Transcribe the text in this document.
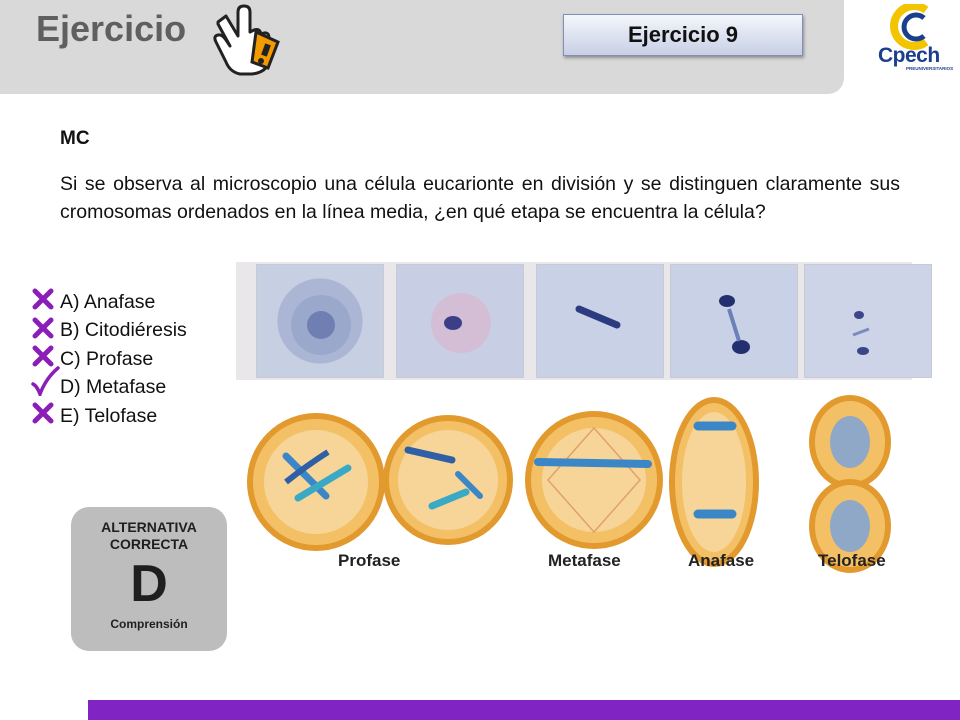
Ejercicio	Ejercicio 9
Cpech
PREUNIVERSITARIOS
MC
Si se observa al microscopio una célula eucarionte en división y se distinguen claramente sus cromosomas ordenados en la línea media, ¿en qué etapa se encuentra la célula?
A) Anafase
B) Citodiéresis
C) Profase
D) Metafase
E) Telofase
ALTERNATIVA
CORRECTA
D
Comprensión
Profase	Metafase	Anafase	Telofase
